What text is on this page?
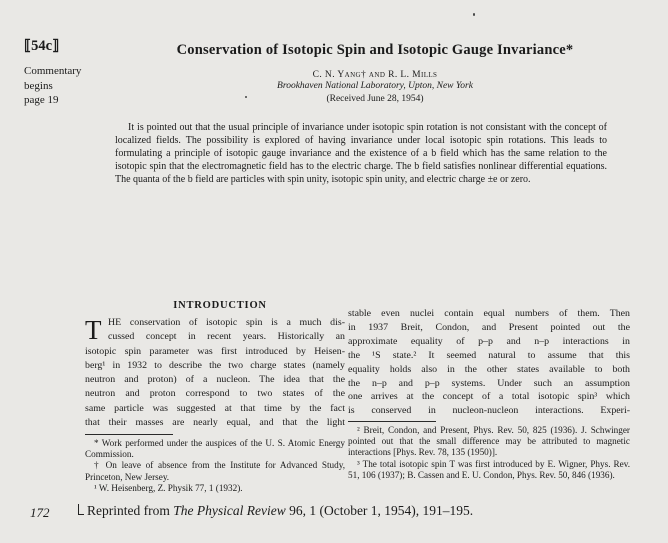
⟦54c⟧
Commentary
begins
page 19
Conservation of Isotopic Spin and Isotopic Gauge Invariance*
C. N. Yang† and R. L. Mills
Brookhaven National Laboratory, Upton, New York
(Received June 28, 1954)
It is pointed out that the usual principle of invariance under isotopic spin rotation is not consistant with the concept of localized fields. The possibility is explored of having invariance under local isotopic spin rotations. This leads to formulating a principle of isotopic gauge invariance and the existence of a b field which has the same relation to the isotopic spin that the electromagnetic field has to the electric charge. The b field satisfies nonlinear differential equations. The quanta of the b field are particles with spin unity, isotopic spin unity, and electric charge ±e or zero.
INTRODUCTION
T HE conservation of isotopic spin is a much dis-
cussed concept in recent years. Historically an
isotopic spin parameter was first introduced by Heisen-
berg¹ in 1932 to describe the two charge states (namely
neutron and proton) of a nucleon. The idea that the
neutron and proton correspond to two states of the
same particle was suggested at that time by the fact
that their masses are nearly equal, and that the light
stable even nuclei contain equal numbers of them. Then
in 1937 Breit, Condon, and Present pointed out the
approximate equality of p–p and n–p interactions in
the ¹S state.² It seemed natural to assume that this
equality holds also in the other states available to both
the n–p and p–p systems. Under such an assumption
one arrives at the concept of a total isotopic spin³ which
is conserved in nucleon-nucleon interactions. Experi-
* Work performed under the auspices of the U. S. Atomic Energy Commission.
† On leave of absence from the Institute for Advanced Study, Princeton, New Jersey.
¹ W. Heisenberg, Z. Physik 77, 1 (1932).
² Breit, Condon, and Present, Phys. Rev. 50, 825 (1936). J. Schwinger pointed out that the small difference may be attributed to magnetic interactions [Phys. Rev. 78, 135 (1950)].
³ The total isotopic spin T was first introduced by E. Wigner, Phys. Rev. 51, 106 (1937); B. Cassen and E. U. Condon, Phys. Rev. 50, 846 (1936).
172	Reprinted from The Physical Review 96, 1 (October 1, 1954), 191–195.
